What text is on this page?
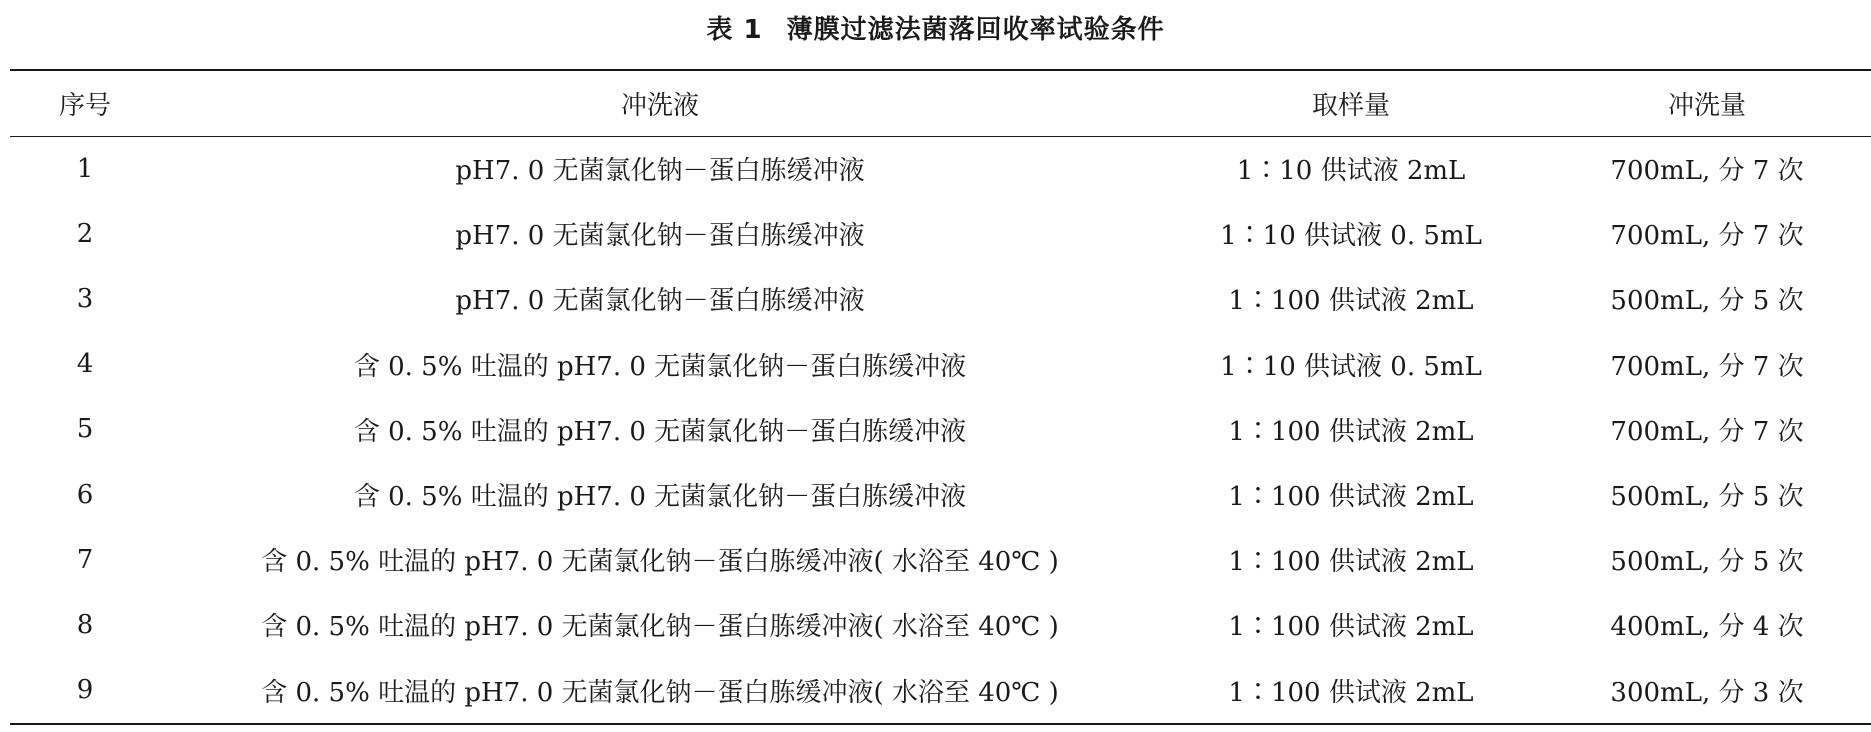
表 1 薄膜过滤法菌落回收率试验条件
序号	冲洗液	取样量	冲洗量
1	pH7. 0 无菌氯化钠－蛋白胨缓冲液	1∶10 供试液 2mL	700mL, 分 7 次
2	pH7. 0 无菌氯化钠－蛋白胨缓冲液	1∶10 供试液 0. 5mL	700mL, 分 7 次
3	pH7. 0 无菌氯化钠－蛋白胨缓冲液	1∶100 供试液 2mL	500mL, 分 5 次
4	含 0. 5% 吐温的 pH7. 0 无菌氯化钠－蛋白胨缓冲液	1∶10 供试液 0. 5mL	700mL, 分 7 次
5	含 0. 5% 吐温的 pH7. 0 无菌氯化钠－蛋白胨缓冲液	1∶100 供试液 2mL	700mL, 分 7 次
6	含 0. 5% 吐温的 pH7. 0 无菌氯化钠－蛋白胨缓冲液	1∶100 供试液 2mL	500mL, 分 5 次
7	含 0. 5% 吐温的 pH7. 0 无菌氯化钠－蛋白胨缓冲液( 水浴至 40℃ )	1∶100 供试液 2mL	500mL, 分 5 次
8	含 0. 5% 吐温的 pH7. 0 无菌氯化钠－蛋白胨缓冲液( 水浴至 40℃ )	1∶100 供试液 2mL	400mL, 分 4 次
9	含 0. 5% 吐温的 pH7. 0 无菌氯化钠－蛋白胨缓冲液( 水浴至 40℃ )	1∶100 供试液 2mL	300mL, 分 3 次
